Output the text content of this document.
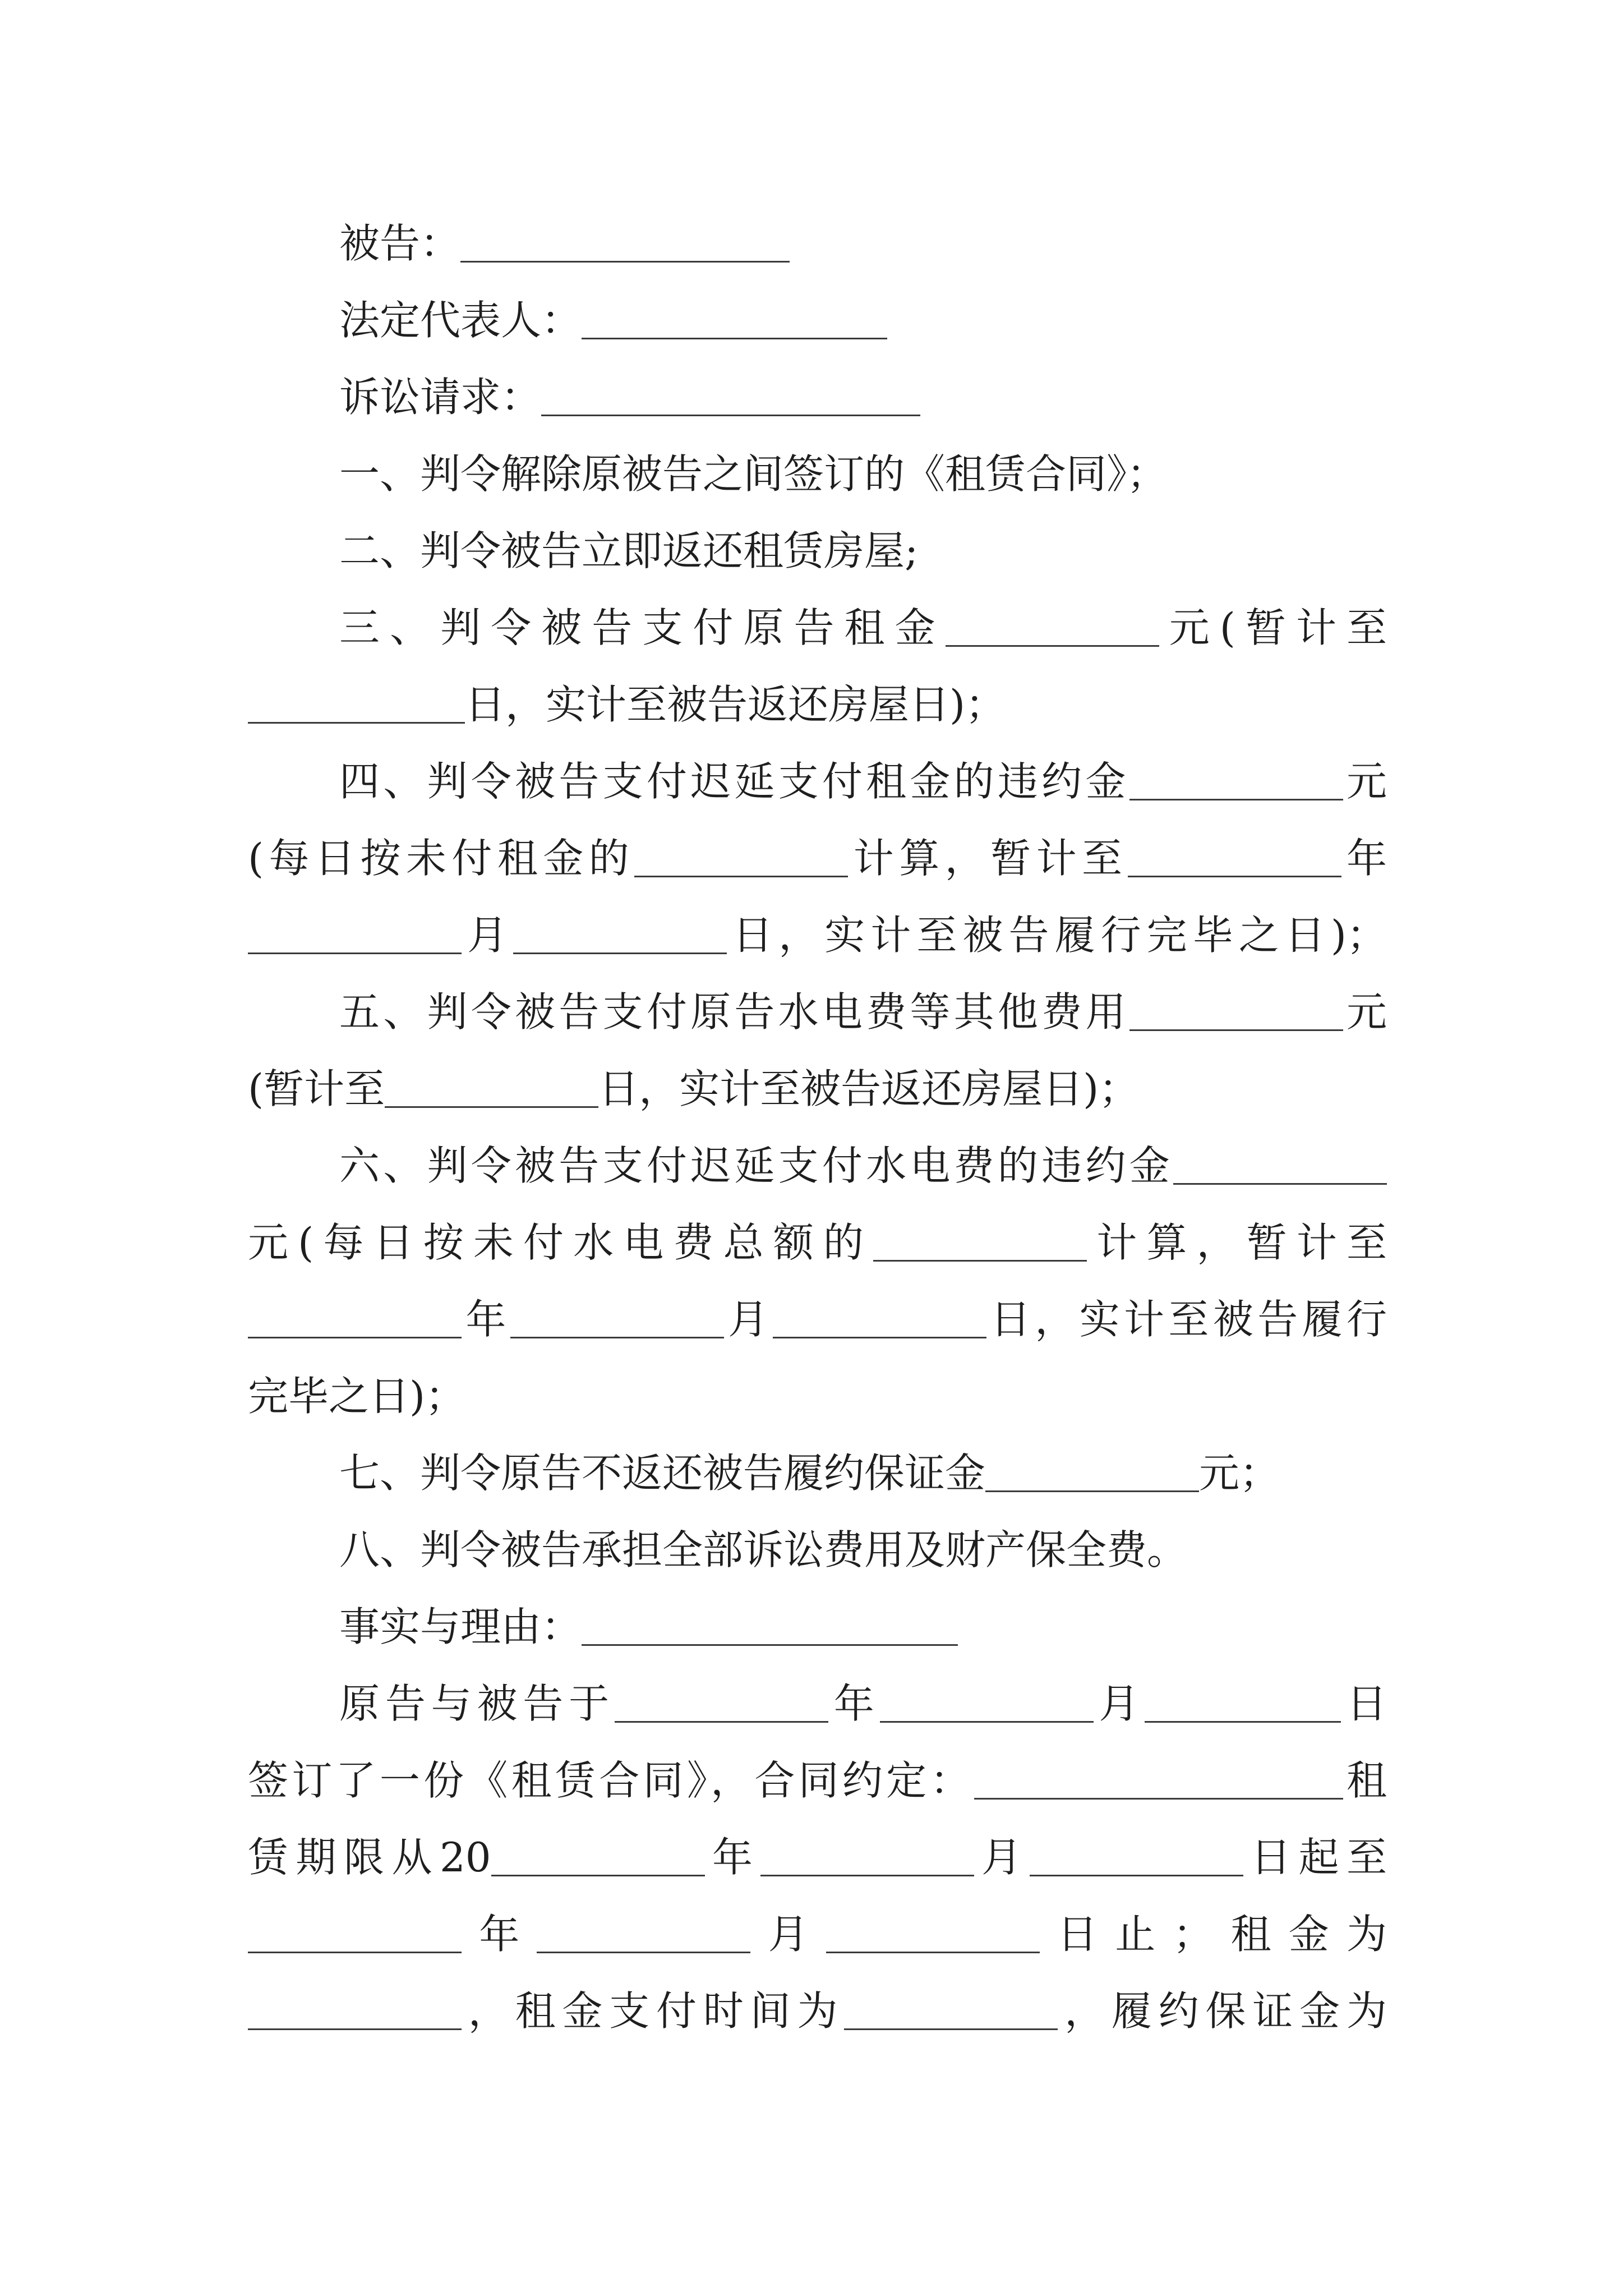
被告：
法定代表人：
诉讼请求：
一、判令解除原被告之间签订的《租赁合同》；
二、判令被告立即返还租赁房屋;
三、判令被告支付原告租金	元(暂计至
日，实计至被告返还房屋日)；
四、判令被告支付迟延支付租金的违约金	元
(每日按未付租金的	计算，暂计至	年
月	日，实计至被告履行完毕之日)；
五、判令被告支付原告水电费等其他费用	元
(暂计至	日，实计至被告返还房屋日)；
六、判令被告支付迟延支付水电费的违约金
元(每日按未付水电费总额的	计算，暂计至
年	月	日，实计至被告履行
完毕之日)；
七、判令原告不返还被告履约保证金	元；
八、判令被告承担全部诉讼费用及财产保全费。
事实与理由：
原告与被告于	年	月	日
签订了一份《租赁合同》，合同约定：	租
赁期限从20	年	月	日起至
年	月	日止；租金为
，租金支付时间为	，履约保证金为
